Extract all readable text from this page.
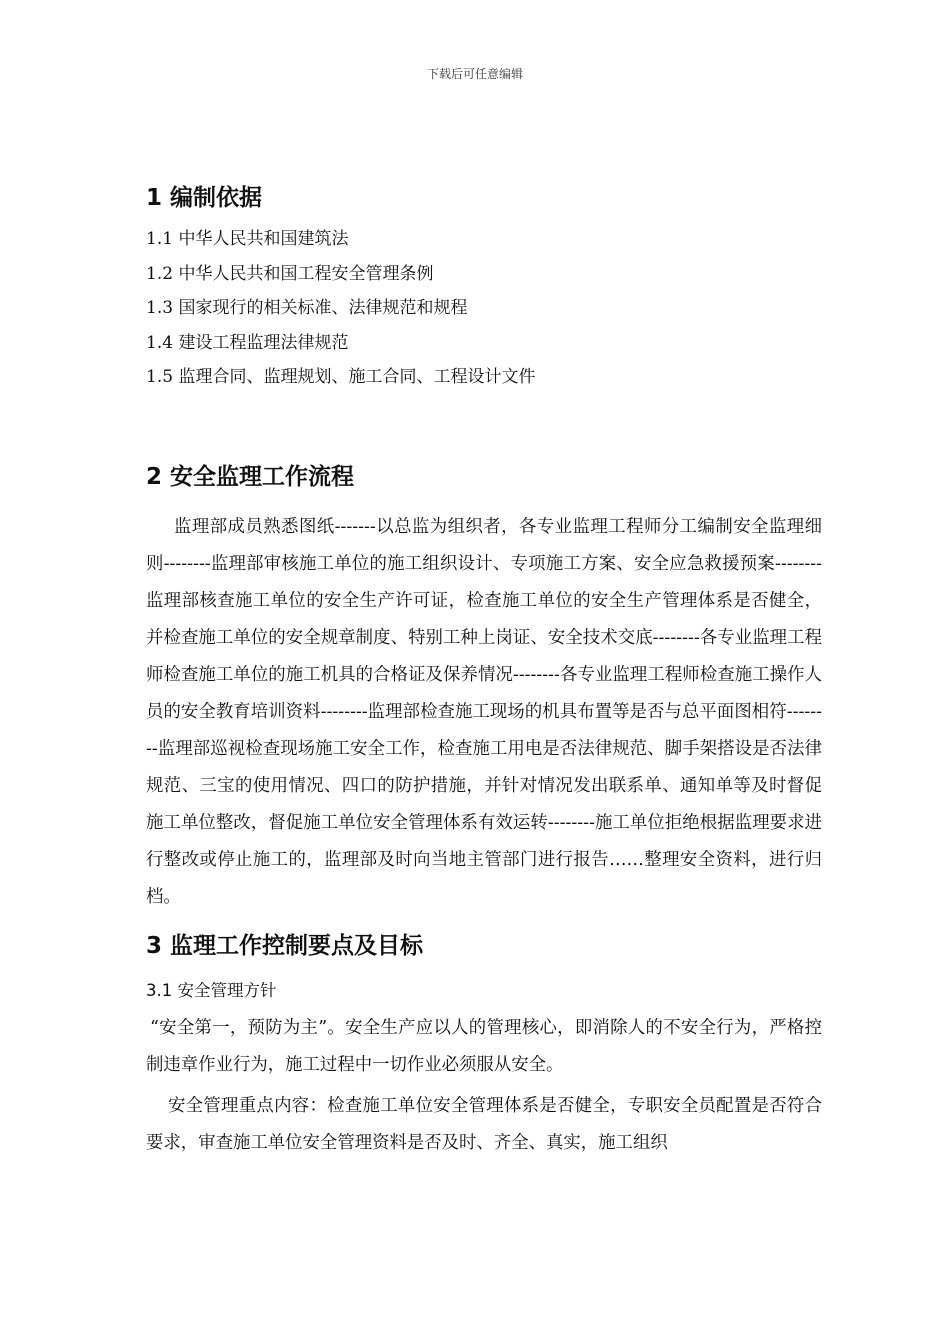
下载后可任意编辑
1 编制依据
1.1 中华人民共和国建筑法
1.2 中华人民共和国工程安全管理条例
1.3 国家现行的相关标准、法律规范和规程
1.4 建设工程监理法律规范
1.5 监理合同、监理规划、施工合同、工程设计文件
2 安全监理工作流程

监理部成员熟悉图纸-------以总监为组织者，各专业监理工程师分工编制安全监理细则--------监理部审核施工单位的施工组织设计、专项施工方案、安全应急救援预案--------监理部核查施工单位的安全生产许可证，检查施工单位的安全生产管理体系是否健全，并检查施工单位的安全规章制度、特别工种上岗证、安全技术交底--------各专业监理工程师检查施工单位的施工机具的合格证及保养情况--------各专业监理工程师检查施工操作人员的安全教育培训资料--------监理部检查施工现场的机具布置等是否与总平面图相符--------监理部巡视检查现场施工安全工作，检查施工用电是否法律规范、脚手架搭设是否法律规范、三宝的使用情况、四口的防护措施，并针对情况发出联系单、通知单等及时督促施工单位整改，督促施工单位安全管理体系有效运转--------施工单位拒绝根据监理要求进行整改或停止施工的，监理部及时向当地主管部门进行报告……整理安全资料，进行归档。

3 监理工作控制要点及目标
3.1 安全管理方针

“安全第一，预防为主”。安全生产应以人的管理核心，即消除人的不安全行为，严格控制违章作业行为，施工过程中一切作业必须服从安全。

安全管理重点内容：检查施工单位安全管理体系是否健全，专职安全员配置是否符合要求，审查施工单位安全管理资料是否及时、齐全、真实，施工组织
